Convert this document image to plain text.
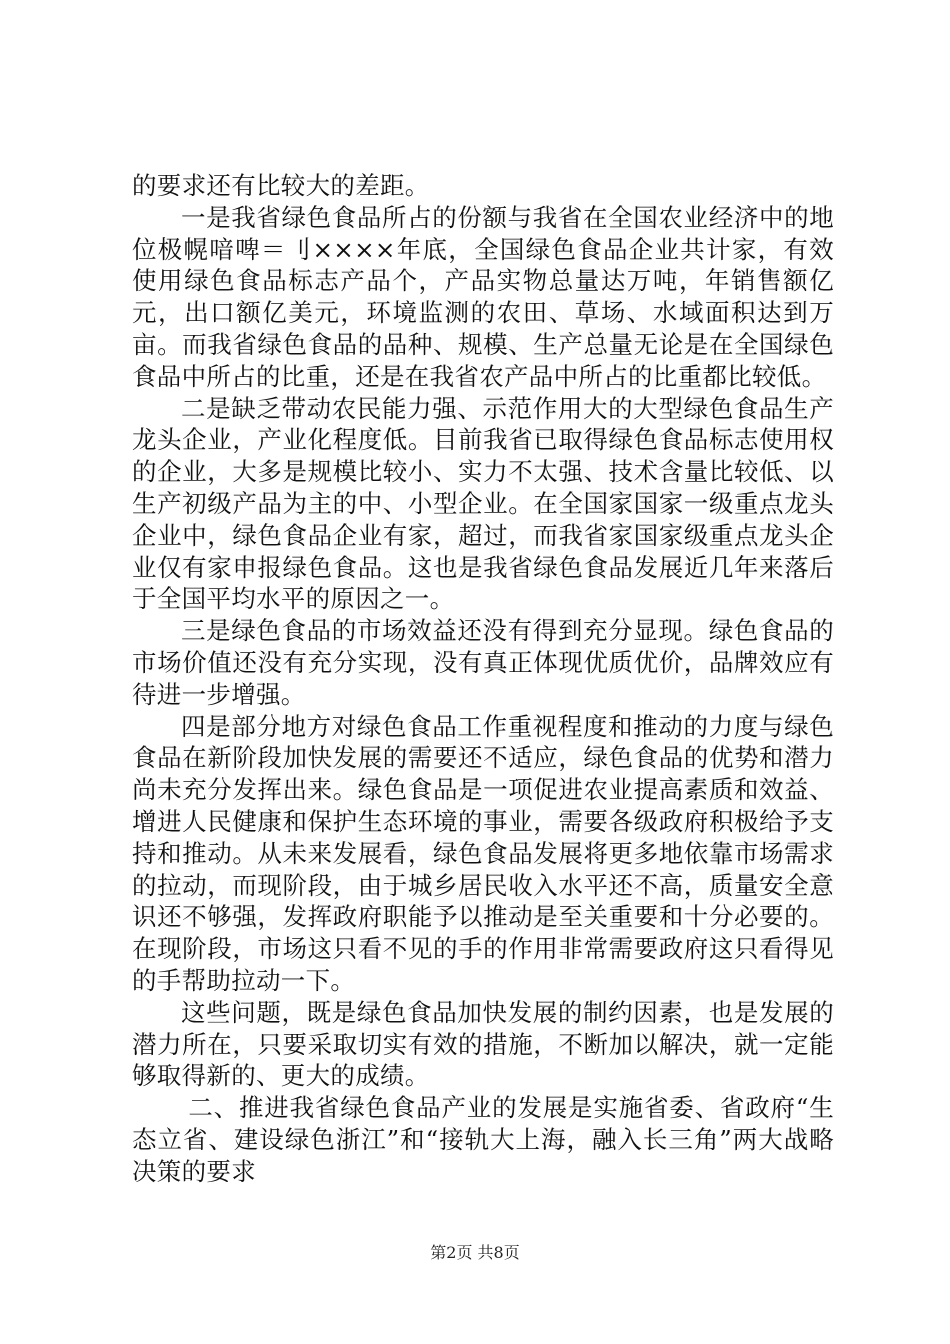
的要求还有比较大的差距。

一是我省绿色食品所占的份额与我省在全国农业经济中的地位极幌喑啤＝刂××××年底，全国绿色食品企业共计家，有效使用绿色食品标志产品个，产品实物总量达万吨，年销售额亿元，出口额亿美元，环境监测的农田、草场、水域面积达到万亩。而我省绿色食品的品种、规模、生产总量无论是在全国绿色食品中所占的比重，还是在我省农产品中所占的比重都比较低。

二是缺乏带动农民能力强、示范作用大的大型绿色食品生产龙头企业，产业化程度低。目前我省已取得绿色食品标志使用权的企业，大多是规模比较小、实力不太强、技术含量比较低、以生产初级产品为主的中、小型企业。在全国家国家一级重点龙头企业中，绿色食品企业有家，超过，而我省家国家级重点龙头企业仅有家申报绿色食品。这也是我省绿色食品发展近几年来落后于全国平均水平的原因之一。

三是绿色食品的市场效益还没有得到充分显现。绿色食品的市场价值还没有充分实现，没有真正体现优质优价，品牌效应有待进一步增强。

四是部分地方对绿色食品工作重视程度和推动的力度与绿色食品在新阶段加快发展的需要还不适应，绿色食品的优势和潜力尚未充分发挥出来。绿色食品是一项促进农业提高素质和效益、增进人民健康和保护生态环境的事业，需要各级政府积极给予支持和推动。从未来发展看，绿色食品发展将更多地依靠市场需求的拉动，而现阶段，由于城乡居民收入水平还不高，质量安全意识还不够强，发挥政府职能予以推动是至关重要和十分必要的。在现阶段，市场这只看不见的手的作用非常需要政府这只看得见的手帮助拉动一下。

这些问题，既是绿色食品加快发展的制约因素，也是发展的潜力所在，只要采取切实有效的措施，不断加以解决，就一定能够取得新的、更大的成绩。

二、推进我省绿色食品产业的发展是实施省委、省政府“生态立省、建设绿色浙江”和“接轨大上海，融入长三角”两大战略决策的要求

第2页 共8页
